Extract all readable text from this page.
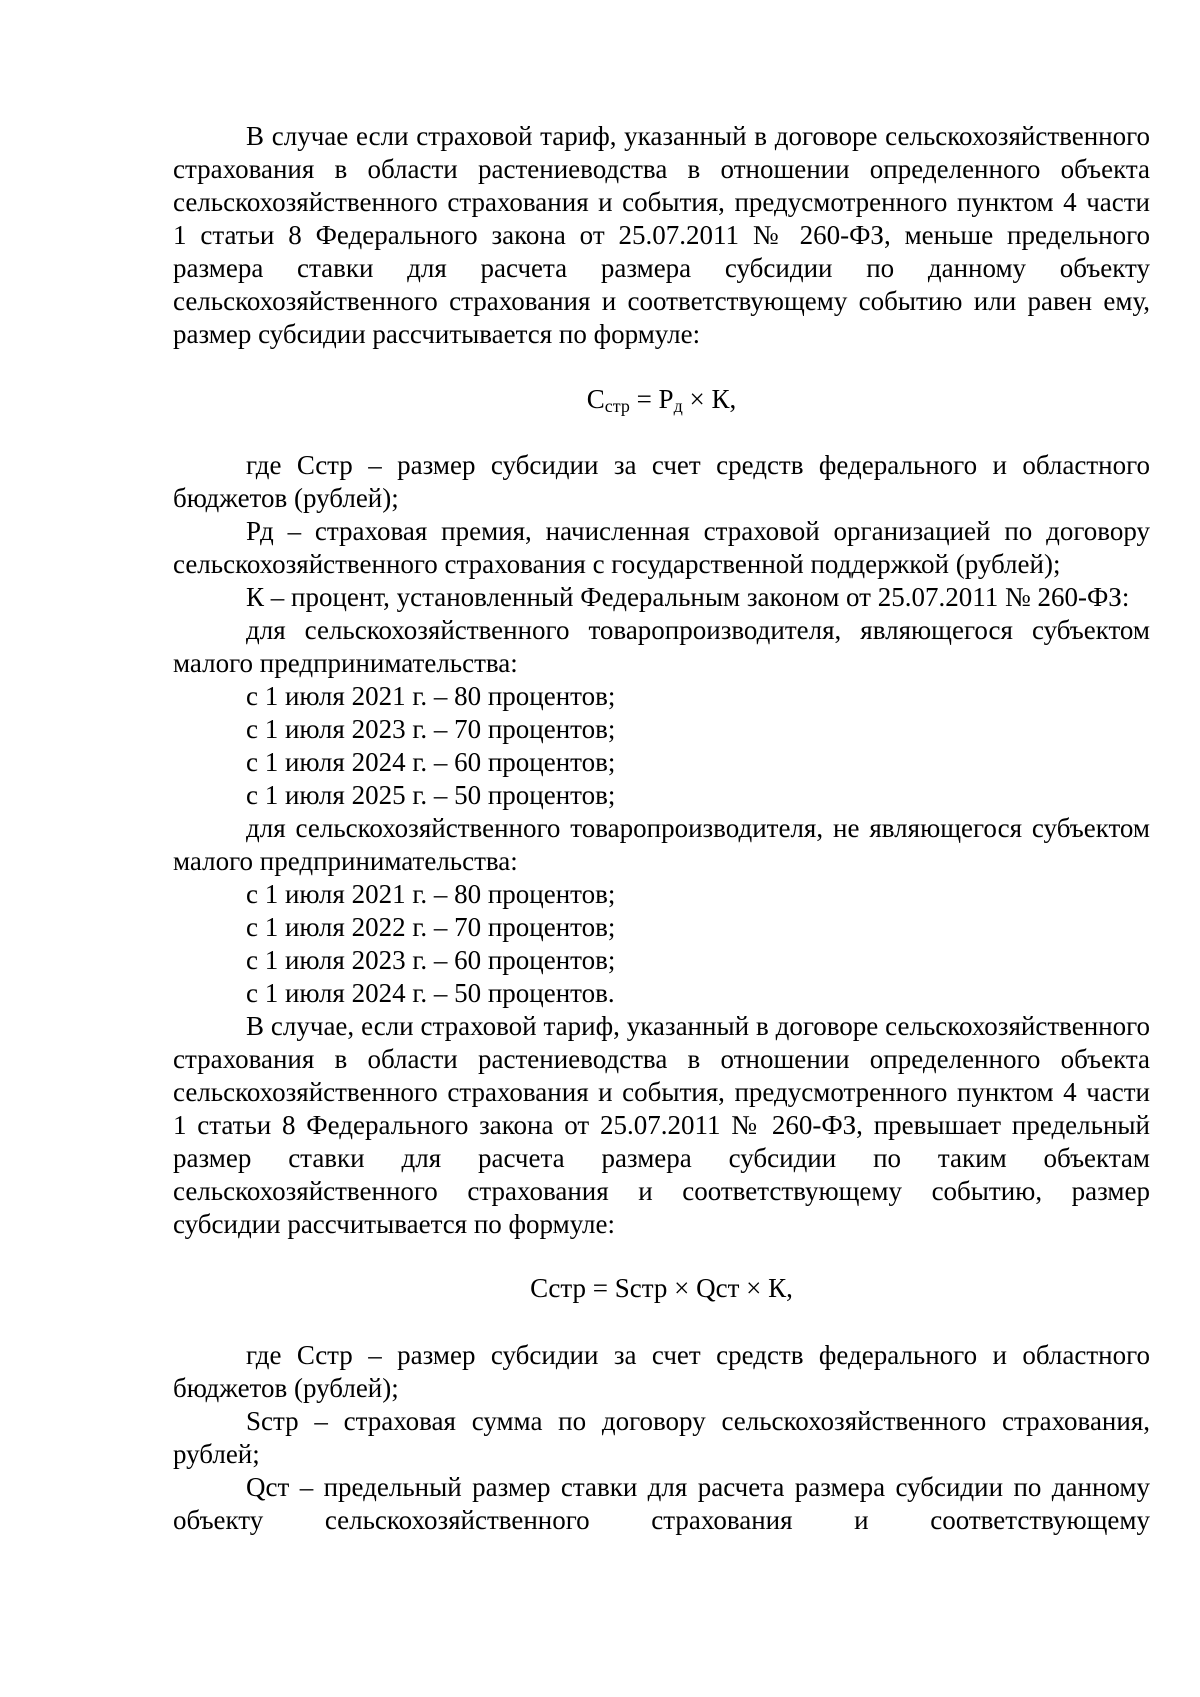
В случае если страховой тариф, указанный в договоре сельскохозяйственного страхования в области растениеводства в отношении определенного объекта сельскохозяйственного страхования и события, предусмотренного пунктом 4 части 1 статьи 8 Федерального закона от 25.07.2011 № 260-ФЗ, меньше предельного размера ставки для расчета размера субсидии по данному объекту сельскохозяйственного страхования и соответствующему событию или равен ему, размер субсидии рассчитывается по формуле:

$С_{стр} = Р_д \times К$,

где Сстр – размер субсидии за счет средств федерального и областного бюджетов (рублей);

Рд – страховая премия, начисленная страховой организацией по договору сельскохозяйственного страхования с государственной поддержкой (рублей);

К – процент, установленный Федеральным законом от 25.07.2011 № 260-ФЗ:

для сельскохозяйственного товаропроизводителя, являющегося субъектом малого предпринимательства:

с 1 июля 2021 г. – 80 процентов;

с 1 июля 2023 г. – 70 процентов;

с 1 июля 2024 г. – 60 процентов;

с 1 июля 2025 г. – 50 процентов;

для сельскохозяйственного товаропроизводителя, не являющегося субъектом малого предпринимательства:

с 1 июля 2021 г. – 80 процентов;

с 1 июля 2022 г. – 70 процентов;

с 1 июля 2023 г. – 60 процентов;

с 1 июля 2024 г. – 50 процентов.

В случае, если страховой тариф, указанный в договоре сельскохозяйственного страхования в области растениеводства в отношении определенного объекта сельскохозяйственного страхования и события, предусмотренного пунктом 4 части 1 статьи 8 Федерального закона от 25.07.2011 № 260-ФЗ, превышает предельный размер ставки для расчета размера субсидии по таким объектам сельскохозяйственного страхования и соответствующему событию, размер субсидии рассчитывается по формуле:

Сстр = Sстр × Qст × К,

где Сстр – размер субсидии за счет средств федерального и областного бюджетов (рублей);

Sстр – страховая сумма по договору сельскохозяйственного страхования, рублей;

Qст – предельный размер ставки для расчета размера субсидии по данному объекту сельскохозяйственного страхования и соответствующему
